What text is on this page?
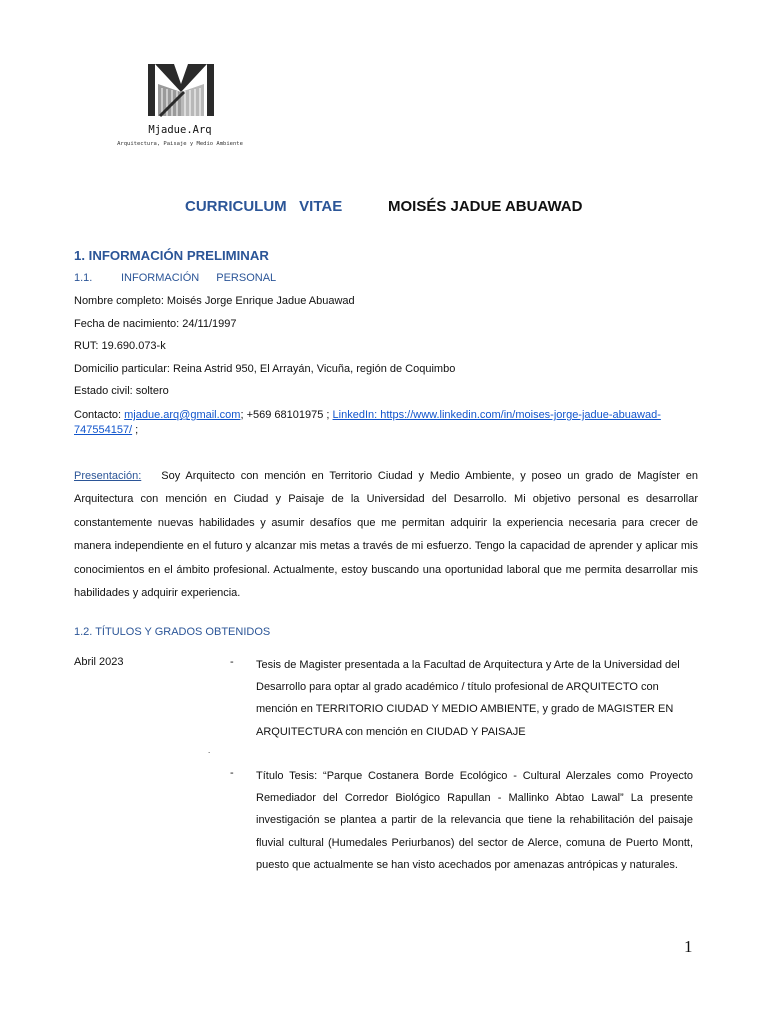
Mjadue.Arq
Arquitectura, Paisaje y Medio Ambiente
CURRICULUM   VITAE	MOISÉS JADUE ABUAWAD
1. INFORMACIÓN PRELIMINAR
1.1.	INFORMACIÓN PERSONAL
Nombre completo: Moisés Jorge Enrique Jadue Abuawad
Fecha de nacimiento: 24/11/1997
RUT: 19.690.073-k
Domicilio particular: Reina Astrid 950, El Arrayán, Vicuña, región de Coquimbo
Estado civil: soltero
Contacto: mjadue.arq@gmail.com; +569 68101975 ; LinkedIn: https://www.linkedin.com/in/moises-jorge-jadue-abuawad-747554157/ ;
Presentación: Soy Arquitecto con mención en Territorio Ciudad y Medio Ambiente, y poseo un grado de Magíster en Arquitectura con mención en Ciudad y Paisaje de la Universidad del Desarrollo. Mi objetivo personal es desarrollar constantemente nuevas habilidades y asumir desafíos que me permitan adquirir la experiencia necesaria para crecer de manera independiente en el futuro y alcanzar mis metas a través de mi esfuerzo. Tengo la capacidad de aprender y aplicar mis conocimientos en el ámbito profesional. Actualmente, estoy buscando una oportunidad laboral que me permita desarrollar mis habilidades y adquirir experiencia.
1.2. TÍTULOS Y GRADOS OBTENIDOS
Abril 2023	- Tesis de Magister presentada a la Facultad de Arquitectura y Arte de la Universidad del Desarrollo para optar al grado académico / título profesional de ARQUITECTO con mención en TERRITORIO CIUDAD Y MEDIO AMBIENTE, y grado de MAGISTER EN ARQUITECTURA con mención en CIUDAD Y PAISAJE
.
- Título Tesis: “Parque Costanera Borde Ecológico - Cultural Alerzales como Proyecto Remediador del Corredor Biológico Rapullan - Mallinko Abtao Lawal” La presente investigación se plantea a partir de la relevancia que tiene la rehabilitación del paisaje fluvial cultural (Humedales Periurbanos) del sector de Alerce, comuna de Puerto Montt, puesto que actualmente se han visto acechados por amenazas antrópicas y naturales.
1
